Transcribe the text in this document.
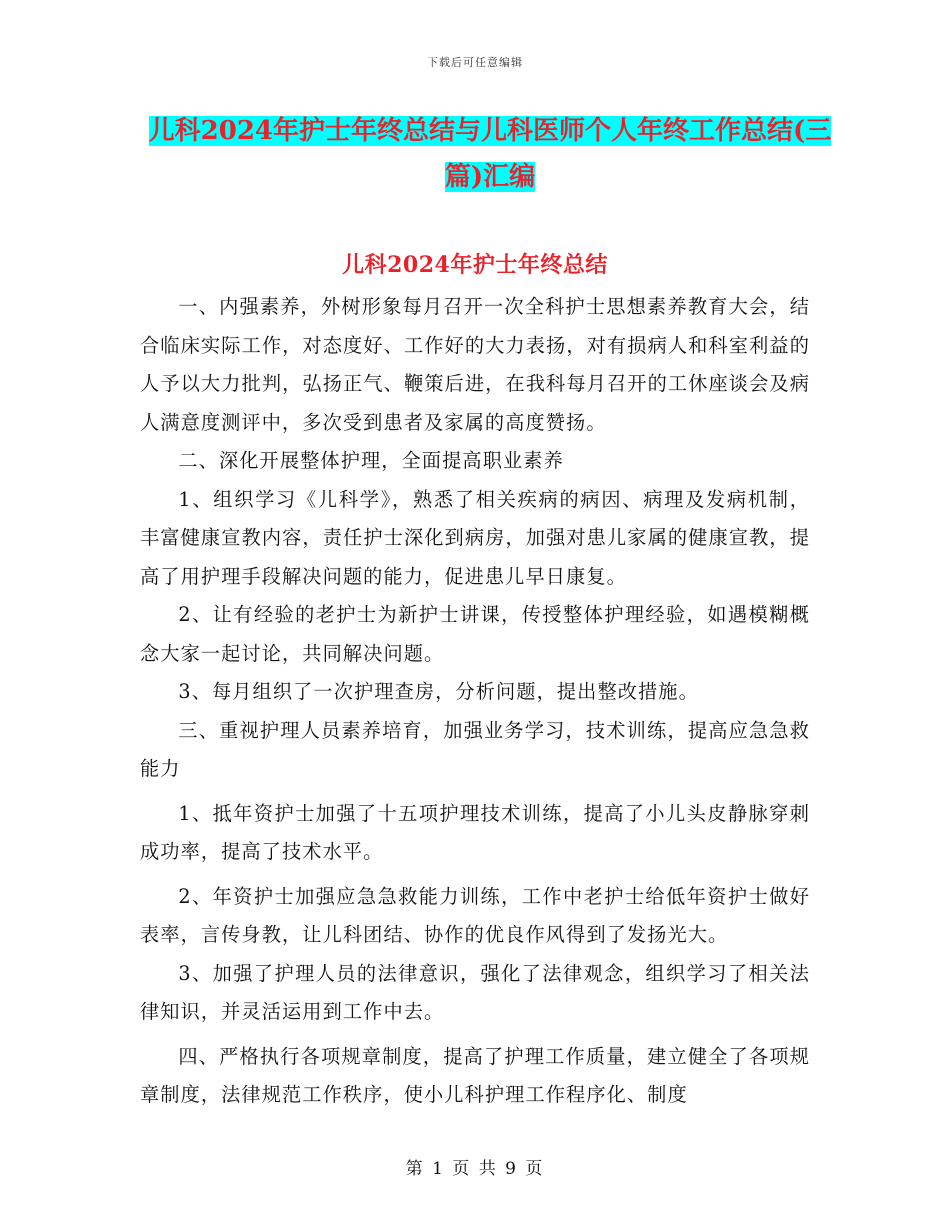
下载后可任意编辑
儿科2024年护士年终总结与儿科医师个人年终工作总结(三篇)汇编
儿科2024年护士年终总结

一、内强素养，外树形象每月召开一次全科护士思想素养教育大会，结合临床实际工作，对态度好、工作好的大力表扬，对有损病人和科室利益的人予以大力批判，弘扬正气、鞭策后进，在我科每月召开的工休座谈会及病人满意度测评中，多次受到患者及家属的高度赞扬。

二、深化开展整体护理，全面提高职业素养

1、组织学习《儿科学》，熟悉了相关疾病的病因、病理及发病机制，丰富健康宣教内容，责任护士深化到病房，加强对患儿家属的健康宣教，提高了用护理手段解决问题的能力，促进患儿早日康复。

2、让有经验的老护士为新护士讲课，传授整体护理经验，如遇模糊概念大家一起讨论，共同解决问题。

3、每月组织了一次护理查房，分析问题，提出整改措施。

三、重视护理人员素养培育，加强业务学习，技术训练，提高应急急救能力

1、抵年资护士加强了十五项护理技术训练，提高了小儿头皮静脉穿刺成功率，提高了技术水平。

2、年资护士加强应急急救能力训练，工作中老护士给低年资护士做好表率，言传身教，让儿科团结、协作的优良作风得到了发扬光大。

3、加强了护理人员的法律意识，强化了法律观念，组织学习了相关法律知识，并灵活运用到工作中去。

四、严格执行各项规章制度，提高了护理工作质量，建立健全了各项规章制度，法律规范工作秩序，使小儿科护理工作程序化、制度

第 1 页 共 9 页
